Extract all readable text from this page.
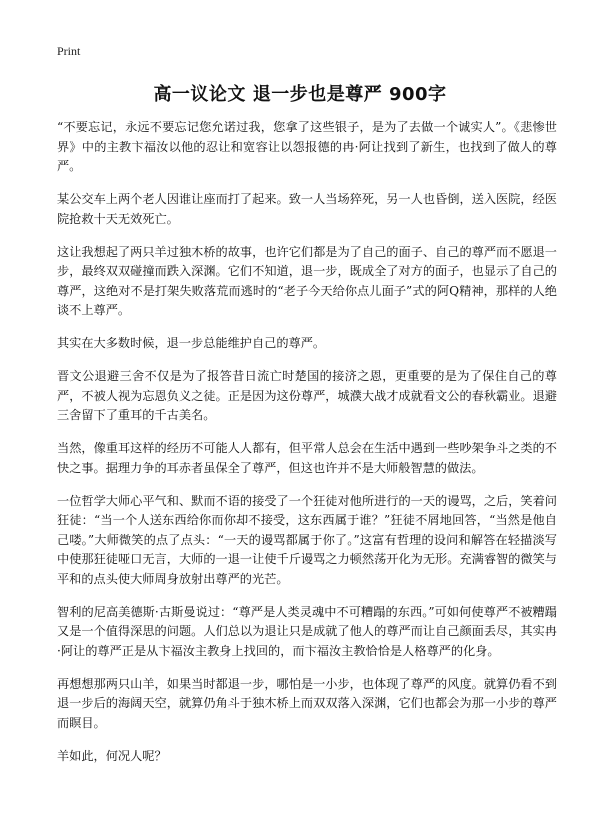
Print
高一议论文 退一步也是尊严 900字

“不要忘记，永远不要忘记您允诺过我，您拿了这些银子，是为了去做一个诚实人”。《悲惨世界》中的主教卞福汝以他的忍让和宽容让以怨报德的冉·阿让找到了新生，也找到了做人的尊严。

某公交车上两个老人因谁让座而打了起来。致一人当场猝死，另一人也昏倒，送入医院，经医院抢救十天无效死亡。

这让我想起了两只羊过独木桥的故事，也许它们都是为了自己的面子、自己的尊严而不愿退一步，最终双双碰撞而跌入深渊。它们不知道，退一步，既成全了对方的面子，也显示了自己的尊严，这绝对不是打架失败落荒而逃时的“老子今天给你点儿面子”式的阿Q精神，那样的人绝谈不上尊严。

其实在大多数时候，退一步总能维护自己的尊严。

晋文公退避三舍不仅是为了报答昔日流亡时楚国的接济之恩，更重要的是为了保住自己的尊严，不被人视为忘恩负义之徒。正是因为这份尊严，城濮大战才成就看文公的春秋霸业。退避三舍留下了重耳的千古美名。

当然，像重耳这样的经历不可能人人都有，但平常人总会在生活中遇到一些吵架争斗之类的不快之事。据理力争的耳赤者虽保全了尊严，但这也许并不是大师般智慧的做法。

一位哲学大师心平气和、默而不语的接受了一个狂徒对他所进行的一天的谩骂，之后，笑着问狂徒：“当一个人送东西给你而你却不接受，这东西属于谁？”狂徒不屑地回答，“当然是他自己喽。”大师微笑的点了点头：“一天的谩骂都属于你了。”这富有哲理的设问和解答在轻描淡写中使那狂徒哑口无言，大师的一退一让使千斤谩骂之力顿然荡开化为无形。充满睿智的微笑与平和的点头使大师周身放射出尊严的光芒。

智利的尼高美德斯·古斯曼说过：“尊严是人类灵魂中不可糟蹋的东西。”可如何使尊严不被糟蹋又是一个值得深思的问题。人们总以为退让只是成就了他人的尊严而让自己颜面丢尽，其实冉·阿让的尊严正是从卞福汝主教身上找回的，而卞福汝主教恰恰是人格尊严的化身。

再想想那两只山羊，如果当时都退一步，哪怕是一小步，也体现了尊严的风度。就算仍看不到退一步后的海阔天空，就算仍角斗于独木桥上而双双落入深渊，它们也都会为那一小步的尊严而瞑目。

羊如此，何况人呢？
